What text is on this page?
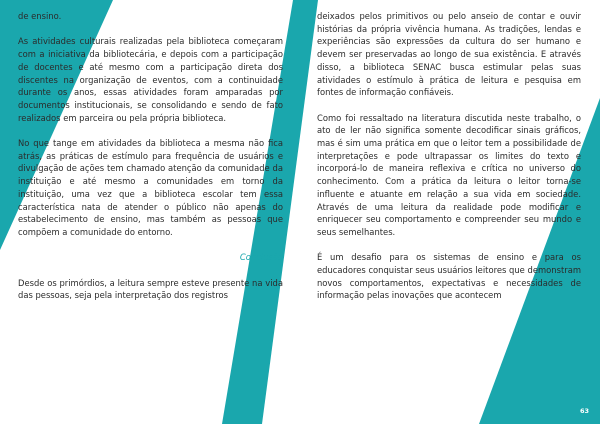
de ensino.

As atividades culturais realizadas pela biblioteca começaram com a iniciativa da bibliotecária, e depois com a participação de docentes e até mesmo com a participação direta dos discentes na organização de eventos, com a continuidade durante os anos, essas atividades foram amparadas por documentos institucionais, se consolidando e sendo de fato realizados em parceira ou pela própria biblioteca.

No que tange em atividades da biblioteca a mesma não fica atrás, as práticas de estímulo para frequência de usuários e divulgação de ações tem chamado atenção da comunidade da instituição e até mesmo a comunidades em torno da instituição, uma vez que a biblioteca escolar tem essa característica nata de atender o público não apenas do estabelecimento de ensino, mas também as pessoas que compõem a comunidade do entorno.

Conclusão

Desde os primórdios, a leitura sempre esteve presente na vida das pessoas, seja pela interpretação dos registros

deixados pelos primitivos ou pelo anseio de contar e ouvir histórias da própria vivência humana. As tradições, lendas e experiências são expressões da cultura do ser humano e devem ser preservadas ao longo de sua existência. E através disso, a biblioteca SENAC busca estimular pelas suas atividades o estímulo à prática de leitura e pesquisa em fontes de informação confiáveis.

Como foi ressaltado na literatura discutida neste trabalho, o ato de ler não significa somente decodificar sinais gráficos, mas é sim uma prática em que o leitor tem a possibilidade de interpretações e pode ultrapassar os limites do texto e incorporá-lo de maneira reflexiva e crítica no universo do conhecimento. Com a prática da leitura o leitor torna-se influente e atuante em relação a sua vida em sociedade. Através de uma leitura da realidade pode modificar e enriquecer seu comportamento e compreender seu mundo e seus semelhantes.

É um desafio para os sistemas de ensino e para os educadores conquistar seus usuários leitores que demonstram novos comportamentos, expectativas e necessidades de informação pelas inovações que acontecem

63
